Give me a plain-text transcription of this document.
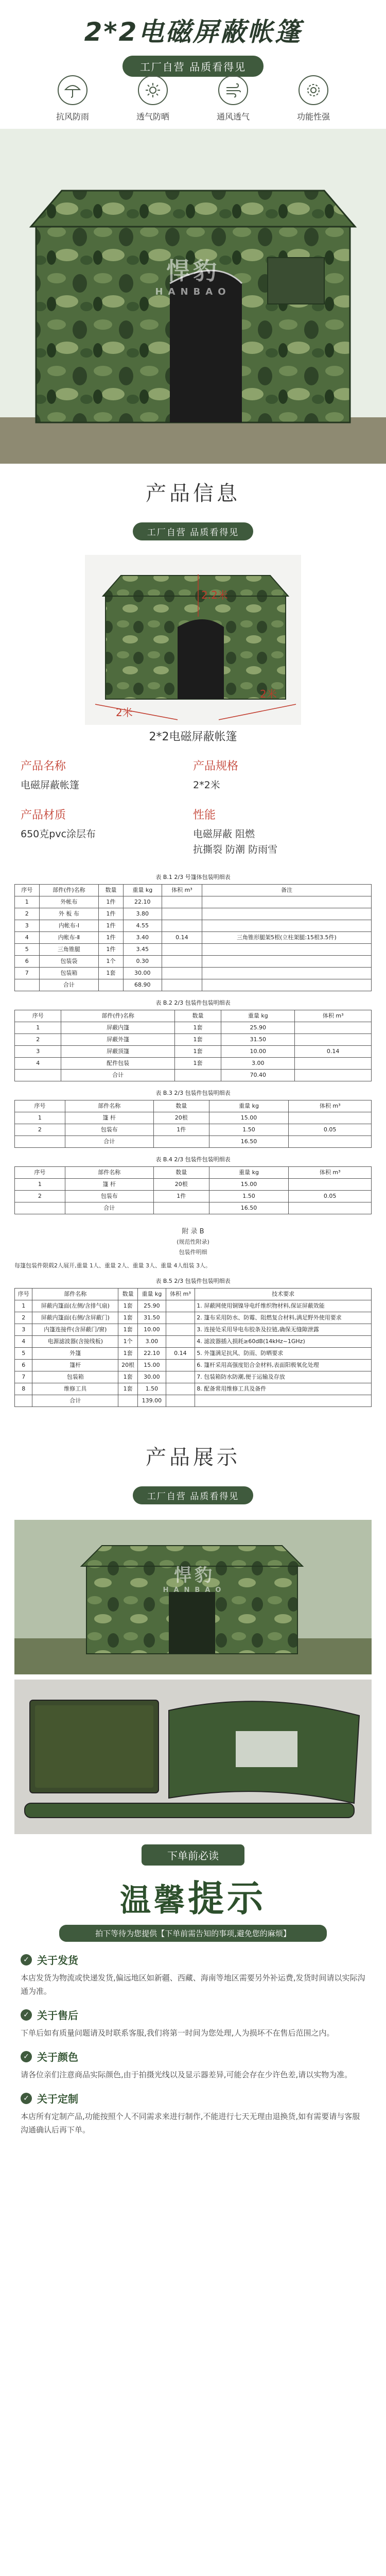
2*2电磁屏蔽帐篷
工厂自营 品质看得见
抗风防雨	透气防晒	通风透气	功能性强
悍豹
HANBAO
产品信息

工厂自营 品质看得见
2.2米
2米
2米
2*2电磁屏蔽帐篷
产品名称
电磁屏蔽帐篷
产品规格
2*2米
产品材质
650克pvc涂层布
性能
电磁屏蔽 阻燃
抗撕裂 防潮 防雨雪
表 B.1 2/3 号篷体包装明细表
序号	部件(件)名称	数量	重量 kg	体积 m³	备注
1	外帐布	1件	22.10		
2	外 板 布	1件	3.80		
3	内帐布-I	1件	4.55		
4	内帐布-Ⅱ	1件	3.40	0.14	三角锥形腿架5根(立柱架腿:15根3.5件)
5	三角锥腿	1件	3.45		
6	包装袋	1个	0.30		
7	包装箱	1套	30.00		
	合计		68.90		
表 B.2 2/3 包装件包装明细表
序号	部件(件)名称	数量	重量 kg	体积 m³
1	屏蔽内篷	1套	25.90	
2	屏蔽外篷	1套	31.50	
3	屏蔽顶篷	1套	10.00	0.14
4	配件包装	1套	3.00	
	合计		70.40	
表 B.3 2/3 包装件包装明细表
序号	部件名称	数量	重量 kg	体积 m³
1	篷 杆	20根	15.00	
2	包装布	1件	1.50	0.05
	合计		16.50	
表 B.4 2/3 包装件包装明细表
序号	部件名称	数量	重量 kg	体积 m³
1	篷 杆	20根	15.00	
2	包装布	1件	1.50	0.05
	合计		16.50	
附 录 B
(规范性附录)
包装件明细
每篷包装件限载2人展开,重量 1人、重量 2人、重量 3人、重量 4人组装 3人。
表 B.5 2/3 包装件包装明细表
序号	部件名称	数量	重量 kg	体积 m³	技术要求
1	屏蔽内篷面(左侧/含排气扇)	1套	25.90		1. 屏蔽网使用铜镍导电纤维织物材料,保证屏蔽效能
2	屏蔽内篷面(右侧/含屏蔽门)	1套	31.50		2. 篷布采用防水、防霉、阻燃复合材料,满足野外使用要求
3	内篷连接件(含屏蔽门/窗)	1套	10.00		3. 连接处采用导电布胶条及拉链,确保无缝隙泄露
4	电源滤波器(含接线板)	1个	3.00		4. 滤波器插入损耗≥60dB(14kHz~1GHz)
5	外篷	1套	22.10	0.14	5. 外篷满足抗风、防雨、防晒要求
6	篷杆	20根	15.00		6. 篷杆采用高强度铝合金材料,表面阳极氧化处理
7	包装箱	1套	30.00		7. 包装箱防水防潮,便于运输及存放
8	维修工具	1套	1.50		8. 配备常用维修工具及备件
	合计		139.00		
产品展示

工厂自营 品质看得见
悍豹
HANBAO
下单前必读
温馨提示
拍下等待为您提供【下单前需告知的事项,避免您的麻烦】
✓ 关于发货
本店发货为物流或快递发货,偏远地区如新疆、西藏、海南等地区需要另外补运费,发货时间请以实际沟通为准。
✓ 关于售后
下单后如有质量问题请及时联系客服,我们将第一时间为您处理,人为损坏不在售后范围之内。
✓ 关于颜色
请各位亲们注意商品实际颜色,由于拍摄光线以及显示器差异,可能会存在少许色差,请以实物为准。
✓ 关于定制
本店所有定制产品,功能按照个人不同需求来进行制作,不能进行七天无理由退换货,如有需要请与客服沟通确认后再下单。
